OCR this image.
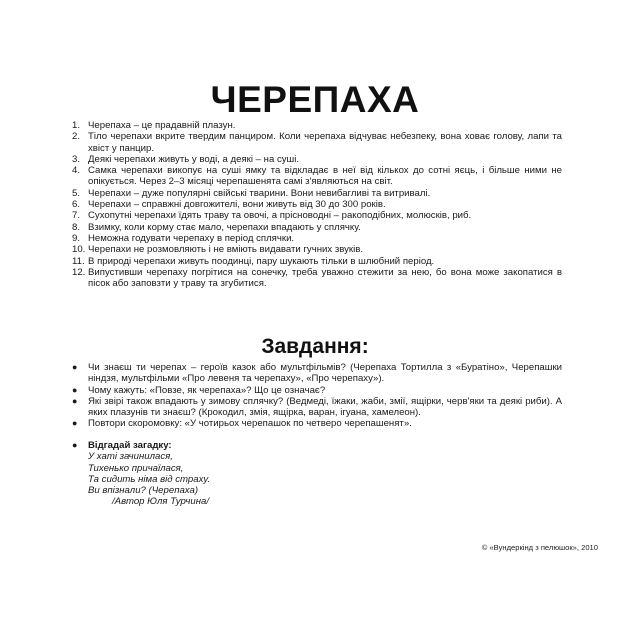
ЧЕРЕПАХА
1. Черепаха – це прадавній плазун.
2. Тіло черепахи вкрите твердим панциром. Коли черепаха відчуває небезпеку, вона ховає голову, лапи та хвіст у панцир.
3. Деякі черепахи живуть у воді, а деякі – на суші.
4. Самка черепахи викопує на суші ямку та відкладає в неї від кількох до сотні яєць, і більше ними не опікується. Через 2–3 місяці черепашенята самі з'являються на світ.
5. Черепахи – дуже популярні свійські тварини. Вони невибагливі та витривалі.
6. Черепахи – справжні довгожителі, вони живуть від 30 до 300 років.
7. Сухопутні черепахи їдять траву та овочі, а прісноводні – ракоподібних, молюсків, риб.
8. Взимку, коли корму стає мало, черепахи впадають у сплячку.
9. Неможна годувати черепаху в період сплячки.
10. Черепахи не розмовляють і не вміють видавати гучних звуків.
11. В природі черепахи живуть поодинці, пару шукають тільки в шлюбний період.
12. Випустивши черепаху погрітися на сонечку, треба уважно стежити за нею, бо вона може закопатися в пісок або заповзти у траву та згубитися.
Завдання:
● Чи знаєш ти черепах – героїв казок або мультфільмів? (Черепаха Тортилла з «Буратіно», Черепашки ніндзя, мультфільми «Про левеня та черепаху», «Про черепаху»).
● Чому кажуть: «Повзе, як черепаха»? Що це означає?
● Які звірі також впадають у зимову сплячку? (Ведмеді, їжаки, жаби, змії, ящірки, черв'яки та деякі риби). А яких плазунів ти знаєш? (Крокодил, змія, ящірка, варан, ігуана, хамелеон).
● Повтори скоромовку: «У чотирьох черепашок по четверо черепашенят».
●	Відгадай загадку:
У хаті зачинилася,
Тихенько причаїлася,
Та сидить німа від страху.
Ви впізнали? (Черепаха)
/Автор Юля Турчина/
© «Вундеркінд з пелюшок», 2010
